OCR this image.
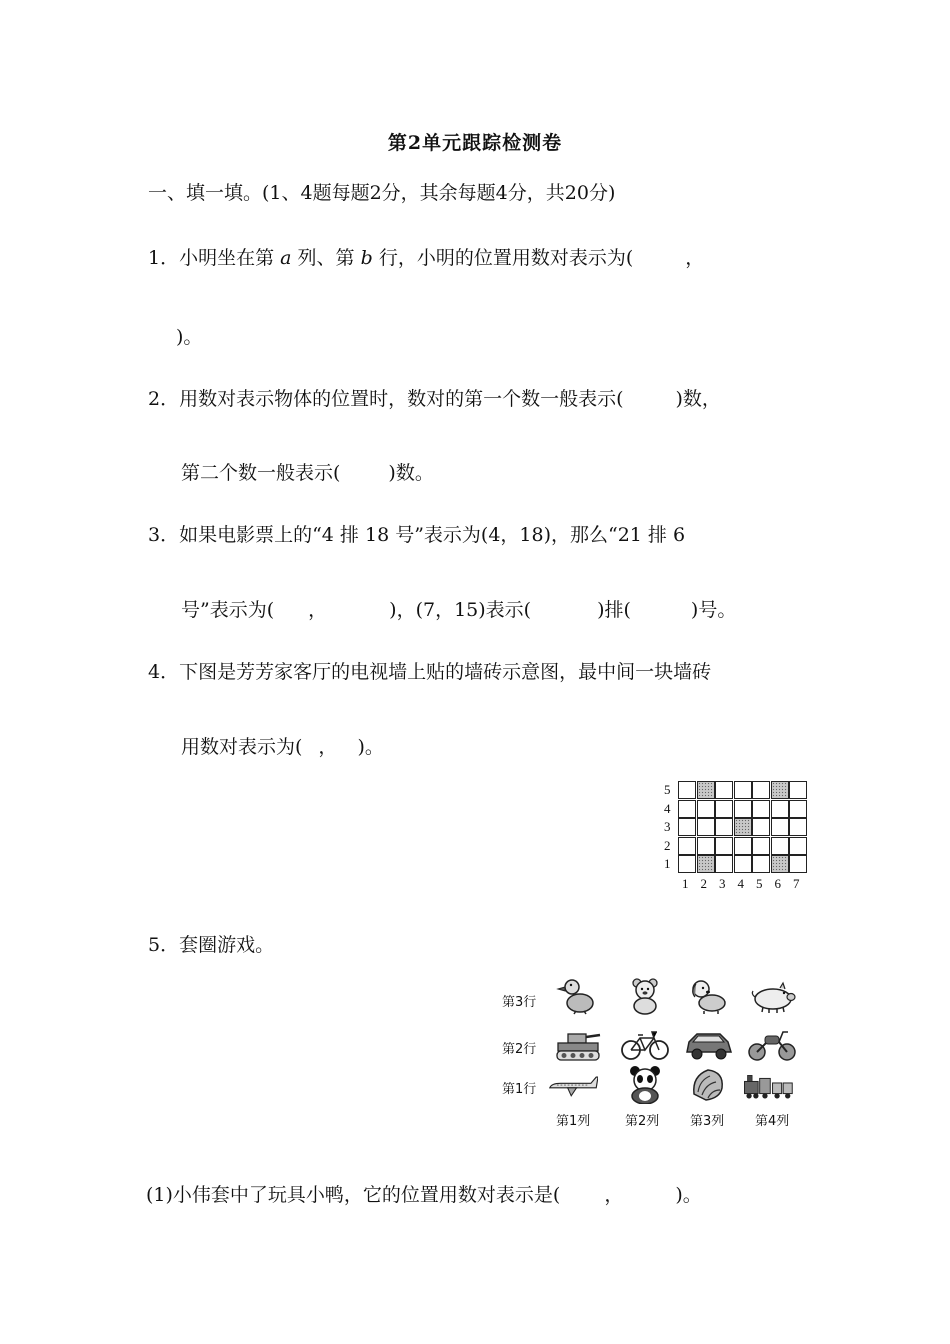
第2单元跟踪检测卷
一、填一填。(1、4题每题2分，其余每题4分，共20分)
1．小明坐在第 a 列、第 b 行，小明的位置用数对表示为(	，
)。
2．用数对表示物体的位置时，数对的第一个数一般表示(	)数，
第二个数一般表示(	)数。
3．如果电影票上的“4 排 18 号”表示为(4，18)，那么“21 排 6
号”表示为( ，	)，(7，15)表示(	)排(	)号。
4．下图是芳芳家客厅的电视墙上贴的墙砖示意图，最中间一块墙砖
用数对表示为( ， )。
5
4
3
2
1
1 2 3 4 5 6 7
5．套圈游戏。
第3行
第2行
第1行
第1列	第2列 第3列 第4列
(1)小伟套中了玩具小鸭，它的位置用数对表示是( ，	)。
